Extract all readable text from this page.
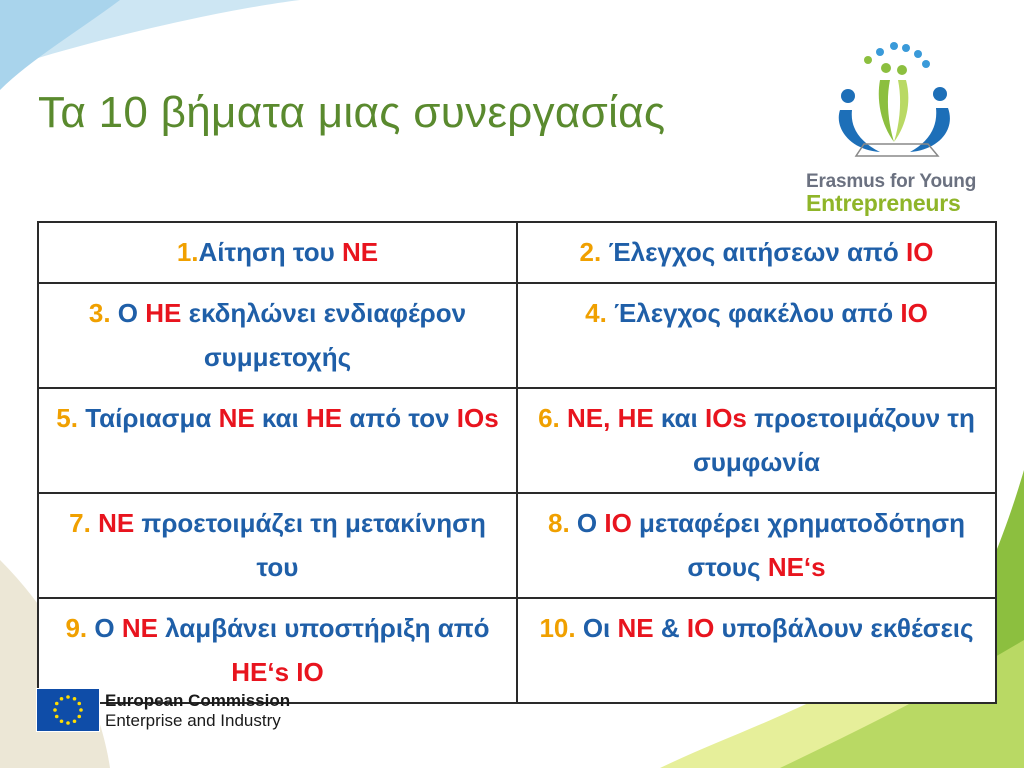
Τα 10 βήματα μιας συνεργασίας
Erasmus for Young
Entrepreneurs
1.Αίτηση του NE	2. Έλεγχος αιτήσεων από IO
3. Ο HE εκδηλώνει ενδιαφέρον συμμετοχής	4. Έλεγχος φακέλου από IO
5. Ταίριασμα NE και HE από τον IOs	6. NE, HE και IOs προετοιμάζουν τη συμφωνία
7. NE προετοιμάζει τη μετακίνηση του	8. Ο IO μεταφέρει χρηματοδότηση στους NE‘s
9. Ο NE λαμβάνει υποστήριξη από HE‘s IO	10. Οι NE & IO υποβάλουν εκθέσεις
European Commission
Enterprise and Industry
